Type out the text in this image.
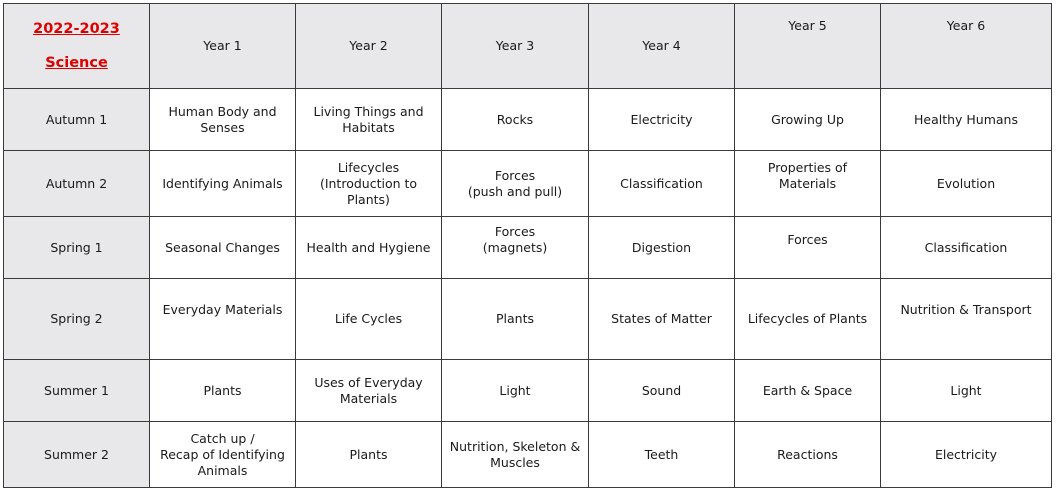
2022-2023

Science	Year 1	Year 2	Year 3	Year 4	Year 5	Year 6
Autumn 1	Human Body and
Senses	Living Things and
Habitats	Rocks	Electricity	Growing Up	Healthy Humans
Autumn 2	Identifying Animals	Lifecycles
(Introduction to
Plants)	Forces
(push and pull)	Classification	Properties of
Materials	Evolution
Spring 1	Seasonal Changes	Health and Hygiene	Forces
(magnets)	Digestion	Forces	Classification
Spring 2	Everyday Materials	Life Cycles	Plants	States of Matter	Lifecycles of Plants	Nutrition & Transport
Summer 1	Plants	Uses of Everyday
Materials	Light	Sound	Earth & Space	Light
Summer 2	Catch up /
Recap of Identifying
Animals	Plants	Nutrition, Skeleton &
Muscles	Teeth	Reactions	Electricity
